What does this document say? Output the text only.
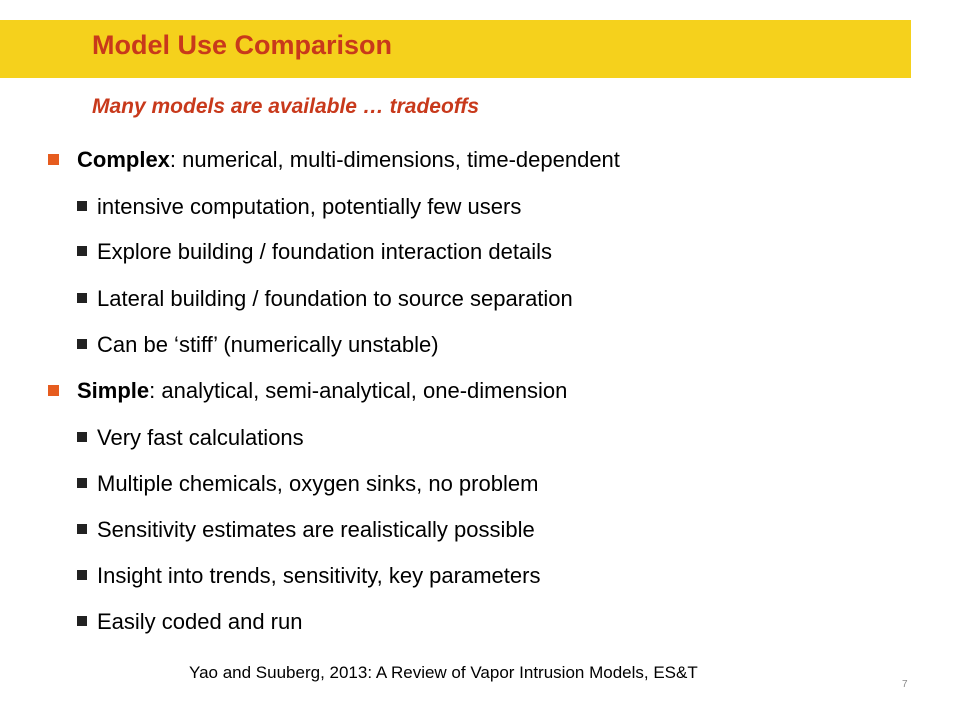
Model Use Comparison
Many models are available … tradeoffs
Complex: numerical, multi-dimensions, time-dependent
intensive computation, potentially few users
Explore building / foundation interaction details
Lateral building / foundation to source separation
Can be ‘stiff’ (numerically unstable)
Simple: analytical, semi-analytical, one-dimension
Very fast calculations
Multiple chemicals, oxygen sinks, no problem
Sensitivity estimates are realistically possible
Insight into trends, sensitivity, key parameters
Easily coded and run
Yao and Suuberg, 2013: A Review of Vapor Intrusion Models, ES&T
7
